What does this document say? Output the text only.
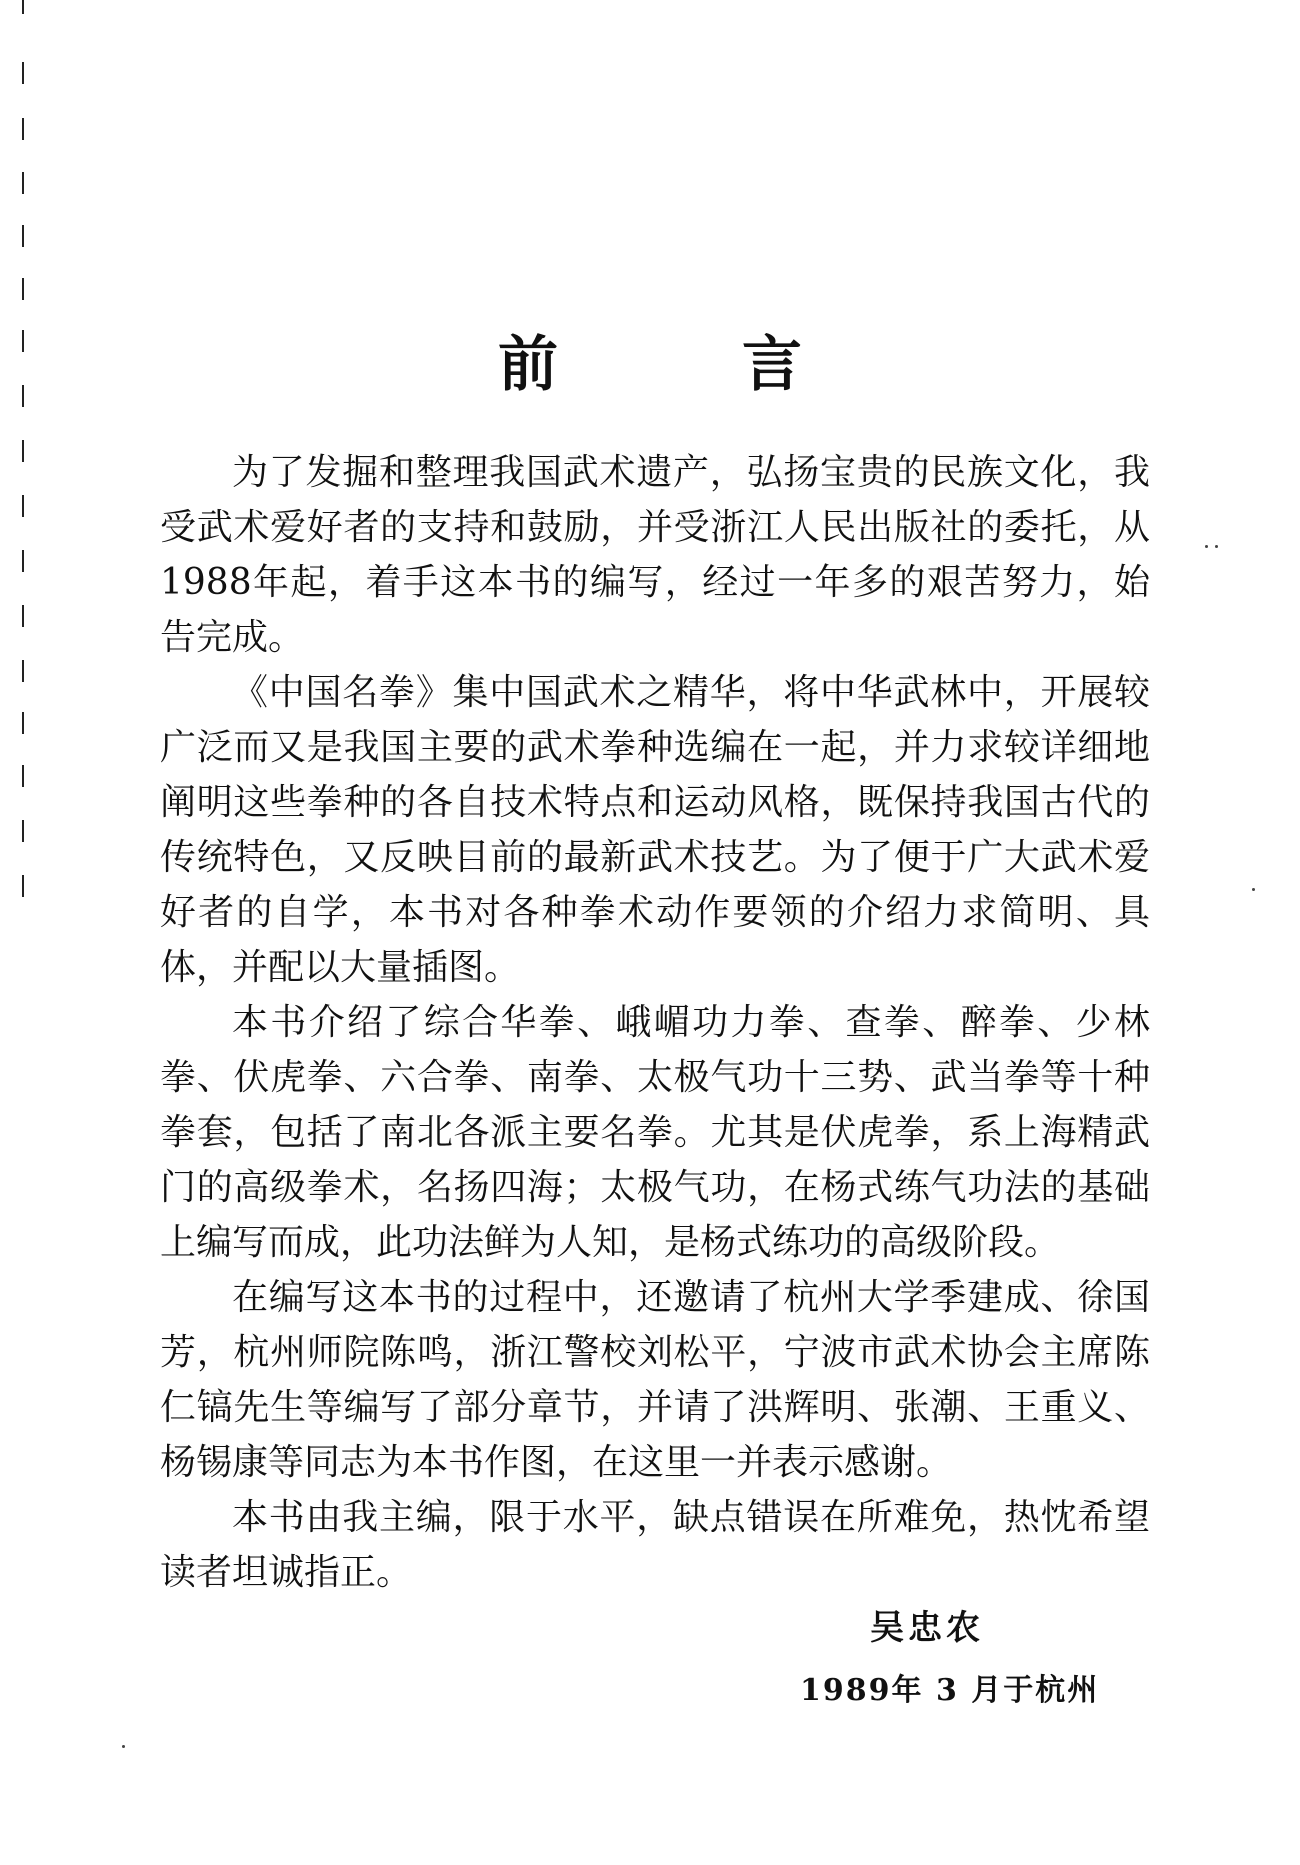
前　言

为了发掘和整理我国武术遗产，弘扬宝贵的民族文化，我受武术爱好者的支持和鼓励，并受浙江人民出版社的委托，从1988年起，着手这本书的编写，经过一年多的艰苦努力，始告完成。

《中国名拳》集中国武术之精华，将中华武林中，开展较广泛而又是我国主要的武术拳种选编在一起，并力求较详细地阐明这些拳种的各自技术特点和运动风格，既保持我国古代的传统特色，又反映目前的最新武术技艺。为了便于广大武术爱好者的自学，本书对各种拳术动作要领的介绍力求简明、具体，并配以大量插图。

本书介绍了综合华拳、峨嵋功力拳、查拳、醉拳、少林拳、伏虎拳、六合拳、南拳、太极气功十三势、武当拳等十种拳套，包括了南北各派主要名拳。尤其是伏虎拳，系上海精武门的高级拳术，名扬四海；太极气功，在杨式练气功法的基础上编写而成，此功法鲜为人知，是杨式练功的高级阶段。

在编写这本书的过程中，还邀请了杭州大学季建成、徐国芳，杭州师院陈鸣，浙江警校刘松平，宁波市武术协会主席陈仁镐先生等编写了部分章节，并请了洪辉明、张潮、王重义、杨锡康等同志为本书作图，在这里一并表示感谢。

本书由我主编，限于水平，缺点错误在所难免，热忱希望读者坦诚指正。

吴忠农
1989年 3 月于杭州
